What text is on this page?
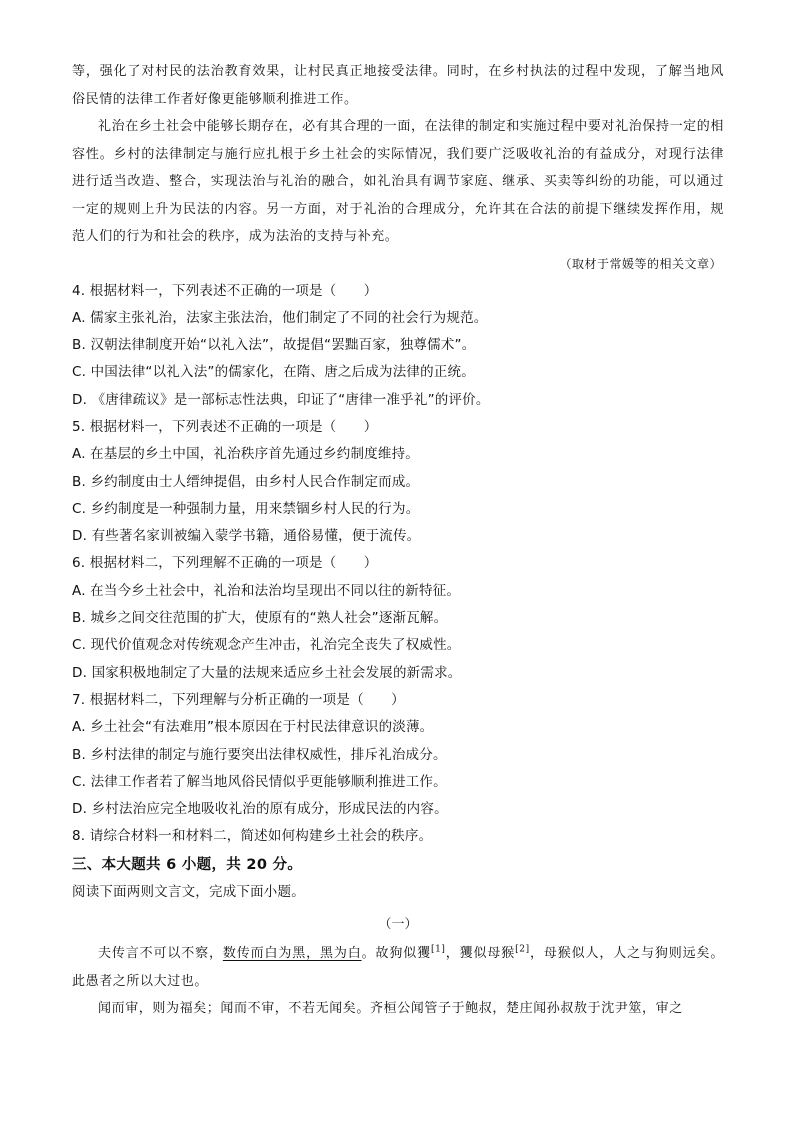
等，强化了对村民的法治教育效果，让村民真正地接受法律。同时，在乡村执法的过程中发现，了解当地风俗民情的法律工作者好像更能够顺利推进工作。
礼治在乡土社会中能够长期存在，必有其合理的一面，在法律的制定和实施过程中要对礼治保持一定的相容性。乡村的法律制定与施行应扎根于乡土社会的实际情况，我们要广泛吸收礼治的有益成分，对现行法律进行适当改造、整合，实现法治与礼治的融合，如礼治具有调节家庭、继承、买卖等纠纷的功能，可以通过一定的规则上升为民法的内容。另一方面，对于礼治的合理成分，允许其在合法的前提下继续发挥作用，规范人们的行为和社会的秩序，成为法治的支持与补充。
（取材于常媛等的相关文章）

4. 根据材料一，下列表述不正确的一项是（　　）

A. 儒家主张礼治，法家主张法治，他们制定了不同的社会行为规范。

B. 汉朝法律制度开始“以礼入法”，故提倡“罢黜百家，独尊儒术”。

C. 中国法律“以礼入法”的儒家化，在隋、唐之后成为法律的正统。

D. 《唐律疏议》是一部标志性法典，印证了“唐律一准乎礼”的评价。

5. 根据材料一，下列表述不正确的一项是（　　）

A. 在基层的乡土中国，礼治秩序首先通过乡约制度维持。

B. 乡约制度由士人缙绅提倡，由乡村人民合作制定而成。

C. 乡约制度是一种强制力量，用来禁锢乡村人民的行为。

D. 有些著名家训被编入蒙学书籍，通俗易懂，便于流传。

6. 根据材料二，下列理解不正确的一项是（　　）

A. 在当今乡土社会中，礼治和法治均呈现出不同以往的新特征。

B. 城乡之间交往范围的扩大，使原有的“熟人社会”逐渐瓦解。

C. 现代价值观念对传统观念产生冲击，礼治完全丧失了权威性。

D. 国家积极地制定了大量的法规来适应乡土社会发展的新需求。

7. 根据材料二，下列理解与分析正确的一项是（　　）

A. 乡土社会“有法难用”根本原因在于村民法律意识的淡薄。

B. 乡村法律的制定与施行要突出法律权威性，排斥礼治成分。

C. 法律工作者若了解当地风俗民情似乎更能够顺利推进工作。

D. 乡村法治应完全地吸收礼治的原有成分，形成民法的内容。

8. 请综合材料一和材料二，简述如何构建乡土社会的秩序。

三、本大题共 6 小题，共 20 分。
阅读下面两则文言文，完成下面小题。
（一）
夫传言不可以不察，数传而白为黑，黑为白。故狗似玃[1]，玃似母猴[2]，母猴似人，人之与狗则远矣。此愚者之所以大过也。
闻而审，则为福矣；闻而不审，不若无闻矣。齐桓公闻管子于鲍叔，楚庄闻孙叔敖于沈尹筮，审之
